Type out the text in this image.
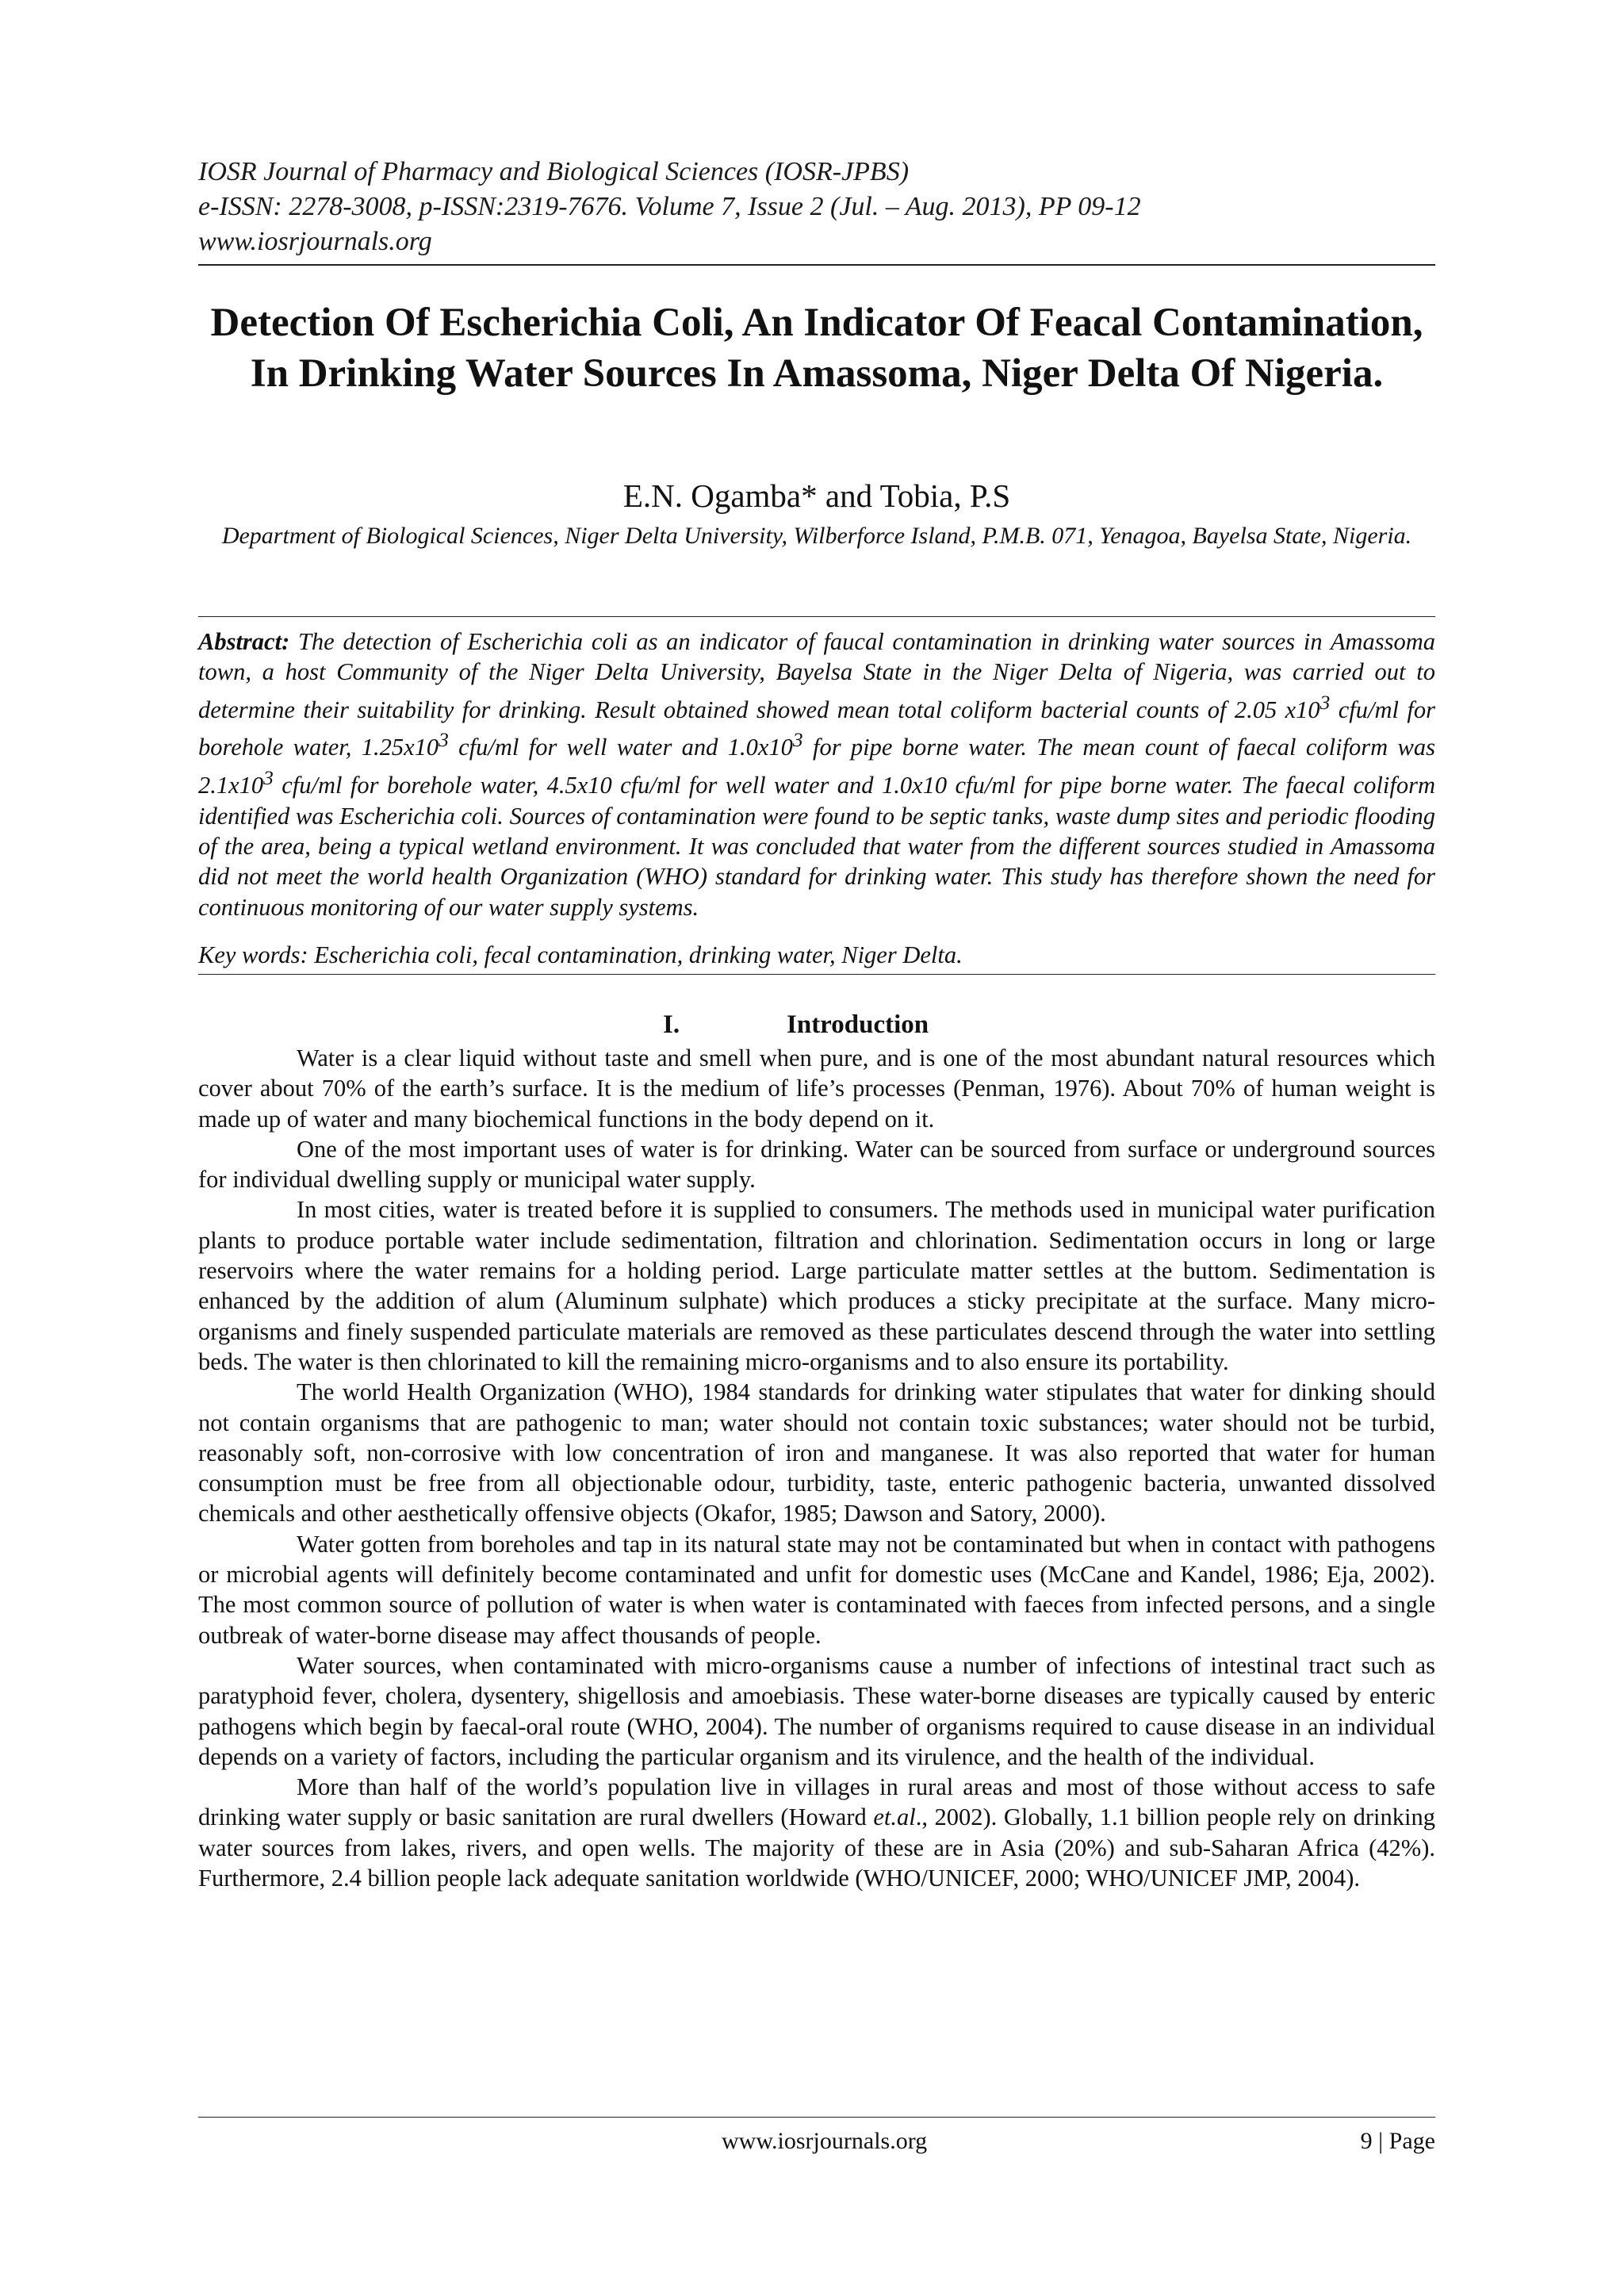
IOSR Journal of Pharmacy and Biological Sciences (IOSR-JPBS)
e-ISSN: 2278-3008, p-ISSN:2319-7676. Volume 7, Issue 2 (Jul. – Aug. 2013), PP 09-12
www.iosrjournals.org
Detection Of Escherichia Coli, An Indicator Of Feacal Contamination, In Drinking Water Sources In Amassoma, Niger Delta Of Nigeria.
E.N. Ogamba* and Tobia, P.S
Department of Biological Sciences, Niger Delta University, Wilberforce Island, P.M.B. 071, Yenagoa, Bayelsa State, Nigeria.
Abstract: The detection of Escherichia coli as an indicator of faucal contamination in drinking water sources in Amassoma town, a host Community of the Niger Delta University, Bayelsa State in the Niger Delta of Nigeria, was carried out to determine their suitability for drinking. Result obtained showed mean total coliform bacterial counts of 2.05 $x10^3$ cfu/ml for borehole water, $1.25x10^3$ cfu/ml for well water and $1.0x10^3$ for pipe borne water. The mean count of faecal coliform was $2.1x10^3$ cfu/ml for borehole water, 4.5x10 cfu/ml for well water and 1.0x10 cfu/ml for pipe borne water. The faecal coliform identified was Escherichia coli. Sources of contamination were found to be septic tanks, waste dump sites and periodic flooding of the area, being a typical wetland environment. It was concluded that water from the different sources studied in Amassoma did not meet the world health Organization (WHO) standard for drinking water. This study has therefore shown the need for continuous monitoring of our water supply systems.
Key words: Escherichia coli, fecal contamination, drinking water, Niger Delta.
I.	Introduction

Water is a clear liquid without taste and smell when pure, and is one of the most abundant natural resources which cover about 70% of the earth’s surface. It is the medium of life’s processes (Penman, 1976). About 70% of human weight is made up of water and many biochemical functions in the body depend on it.

One of the most important uses of water is for drinking. Water can be sourced from surface or underground sources for individual dwelling supply or municipal water supply.

In most cities, water is treated before it is supplied to consumers. The methods used in municipal water purification plants to produce portable water include sedimentation, filtration and chlorination. Sedimentation occurs in long or large reservoirs where the water remains for a holding period. Large particulate matter settles at the buttom. Sedimentation is enhanced by the addition of alum (Aluminum sulphate) which produces a sticky precipitate at the surface. Many micro-organisms and finely suspended particulate materials are removed as these particulates descend through the water into settling beds. The water is then chlorinated to kill the remaining micro-organisms and to also ensure its portability.

The world Health Organization (WHO), 1984 standards for drinking water stipulates that water for dinking should not contain organisms that are pathogenic to man; water should not contain toxic substances; water should not be turbid, reasonably soft, non-corrosive with low concentration of iron and manganese. It was also reported that water for human consumption must be free from all objectionable odour, turbidity, taste, enteric pathogenic bacteria, unwanted dissolved chemicals and other aesthetically offensive objects (Okafor, 1985; Dawson and Satory, 2000).

Water gotten from boreholes and tap in its natural state may not be contaminated but when in contact with pathogens or microbial agents will definitely become contaminated and unfit for domestic uses (McCane and Kandel, 1986; Eja, 2002). The most common source of pollution of water is when water is contaminated with faeces from infected persons, and a single outbreak of water-borne disease may affect thousands of people.

Water sources, when contaminated with micro-organisms cause a number of infections of intestinal tract such as paratyphoid fever, cholera, dysentery, shigellosis and amoebiasis. These water-borne diseases are typically caused by enteric pathogens which begin by faecal-oral route (WHO, 2004). The number of organisms required to cause disease in an individual depends on a variety of factors, including the particular organism and its virulence, and the health of the individual.

More than half of the world’s population live in villages in rural areas and most of those without access to safe drinking water supply or basic sanitation are rural dwellers (Howard et.al., 2002). Globally, 1.1 billion people rely on drinking water sources from lakes, rivers, and open wells. The majority of these are in Asia (20%) and sub-Saharan Africa (42%). Furthermore, 2.4 billion people lack adequate sanitation worldwide (WHO/UNICEF, 2000; WHO/UNICEF JMP, 2004).

www.iosrjournals.org	9 | Page
